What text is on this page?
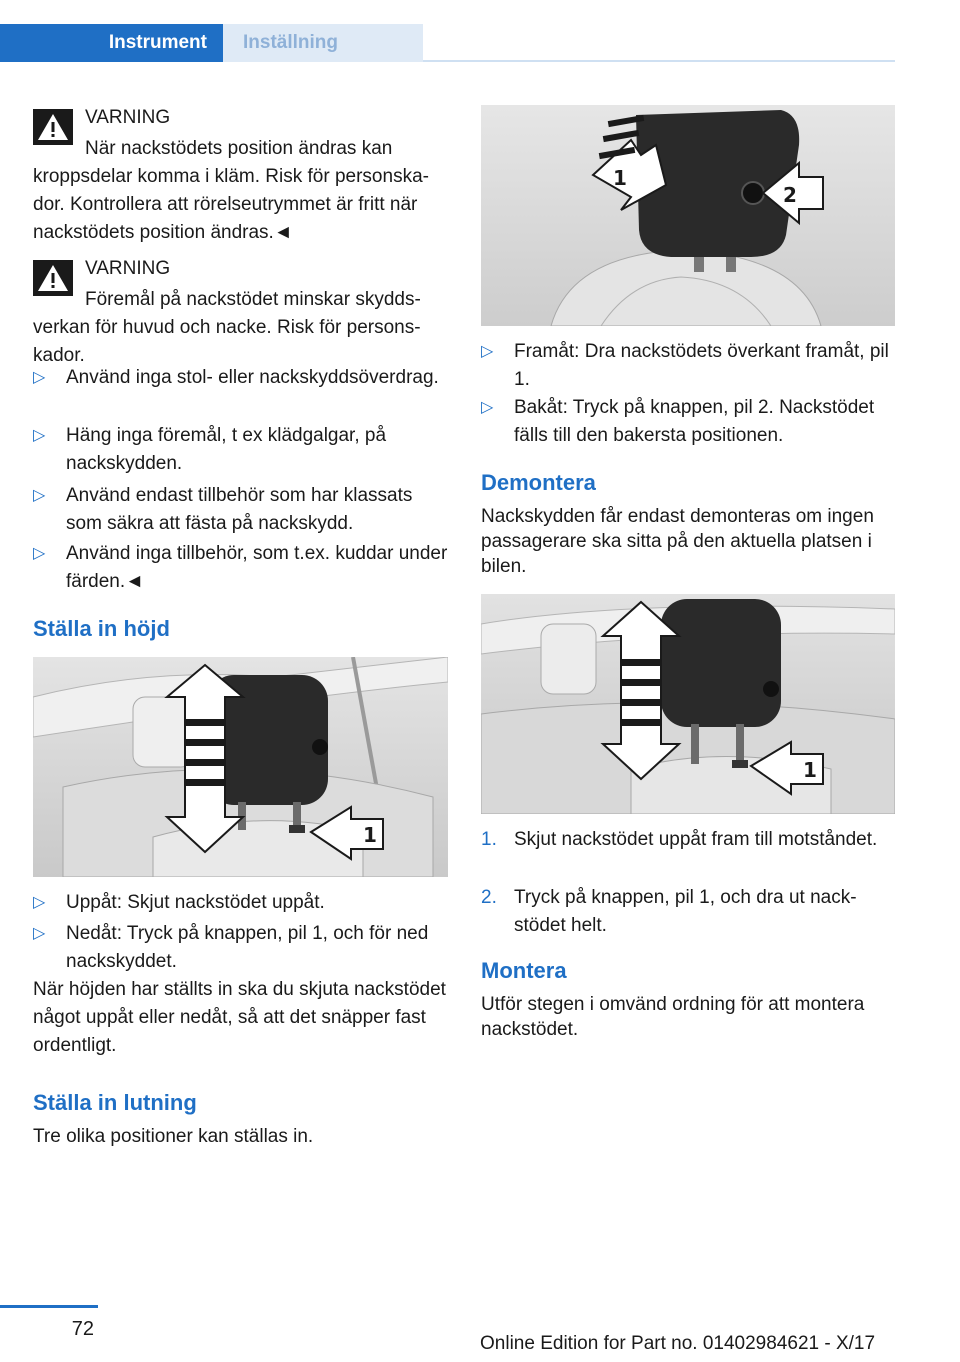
Instrument	Inställning
VARNING
När nackstödets position ändras kan kroppsdelar komma i kläm. Risk för personskador. Kontrollera att rörelseutrymmet är fritt när nackstödets position ändras.◄
VARNING
Föremål på nackstödet minskar skyddsverkan för huvud och nacke. Risk för personskador.
▷ Använd inga stol- eller nackskyddsöverdrag.
▷ Häng inga föremål, t ex klädgalgar, på nackskydden.
▷ Använd endast tillbehör som har klassats som säkra att fästa på nackskydd.
▷ Använd inga tillbehör, som t.ex. kuddar under färden.◄
Ställa in höjd
1
▷ Uppåt: Skjut nackstödet uppåt.
▷ Nedåt: Tryck på knappen, pil 1, och för ned nackskyddet.
När höjden har ställts in ska du skjuta nackstödet något uppåt eller nedåt, så att det snäpper fast ordentligt.
Ställa in lutning
Tre olika positioner kan ställas in.
1
2
▷ Framåt: Dra nackstödets överkant framåt, pil 1.
▷ Bakåt: Tryck på knappen, pil 2. Nackstödet fälls till den bakersta positionen.
Demontera
Nackskydden får endast demonteras om ingen passagerare ska sitta på den aktuella platsen i bilen.
1
1. Skjut nackstödet uppåt fram till motståndet.
2. Tryck på knappen, pil 1, och dra ut nackstödet helt.
Montera
Utför stegen i omvänd ordning för att montera nackstödet.
72
Online Edition for Part no. 01402984621 - X/17
